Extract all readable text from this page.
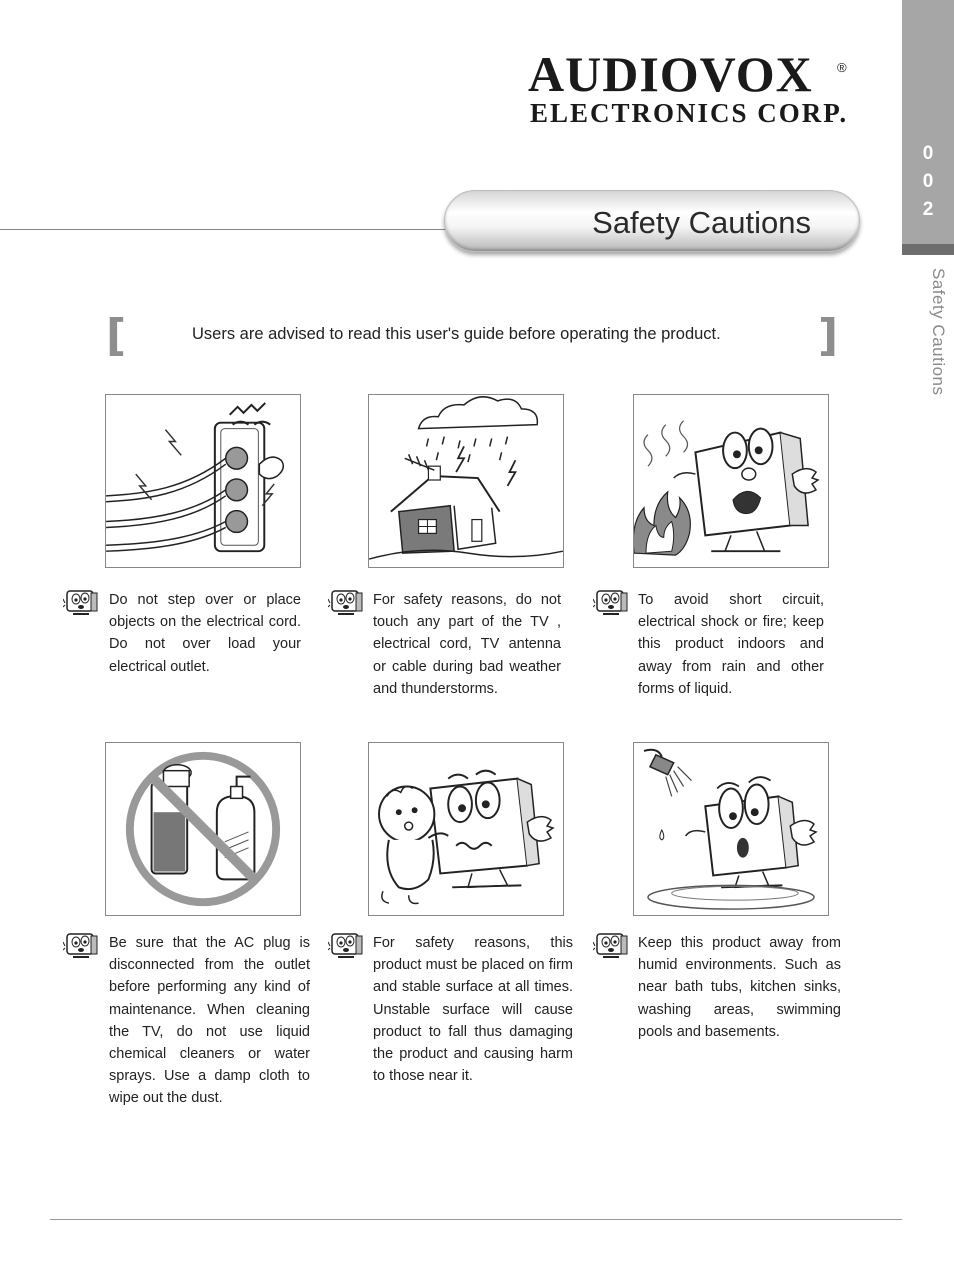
AUDIOVOX	®
ELECTRONICS CORP.
0
0
2
Safety Cautions
Safety Cautions
[	Users are advised to read this user's guide before operating the product. ]
Do not step over or place objects on the electrical cord. Do not over load your electrical outlet.
For safety reasons, do not touch any part of the TV , electrical cord, TV antenna or cable during bad weather and thunderstorms.
To avoid short circuit, electrical shock or fire; keep this product indoors and away from rain and other forms of liquid.
Be sure that the AC plug is disconnected from the outlet before performing any kind of maintenance. When cleaning the TV, do not use liquid chemical cleaners or water sprays. Use a damp cloth to wipe out the dust.
For safety reasons, this product must be placed on firm and stable surface at all times. Unstable surface will cause product to fall thus damaging the product and causing harm to those near it.
Keep this product away from humid environments. Such as near bath tubs, kitchen sinks, washing areas, swimming pools and basements.
